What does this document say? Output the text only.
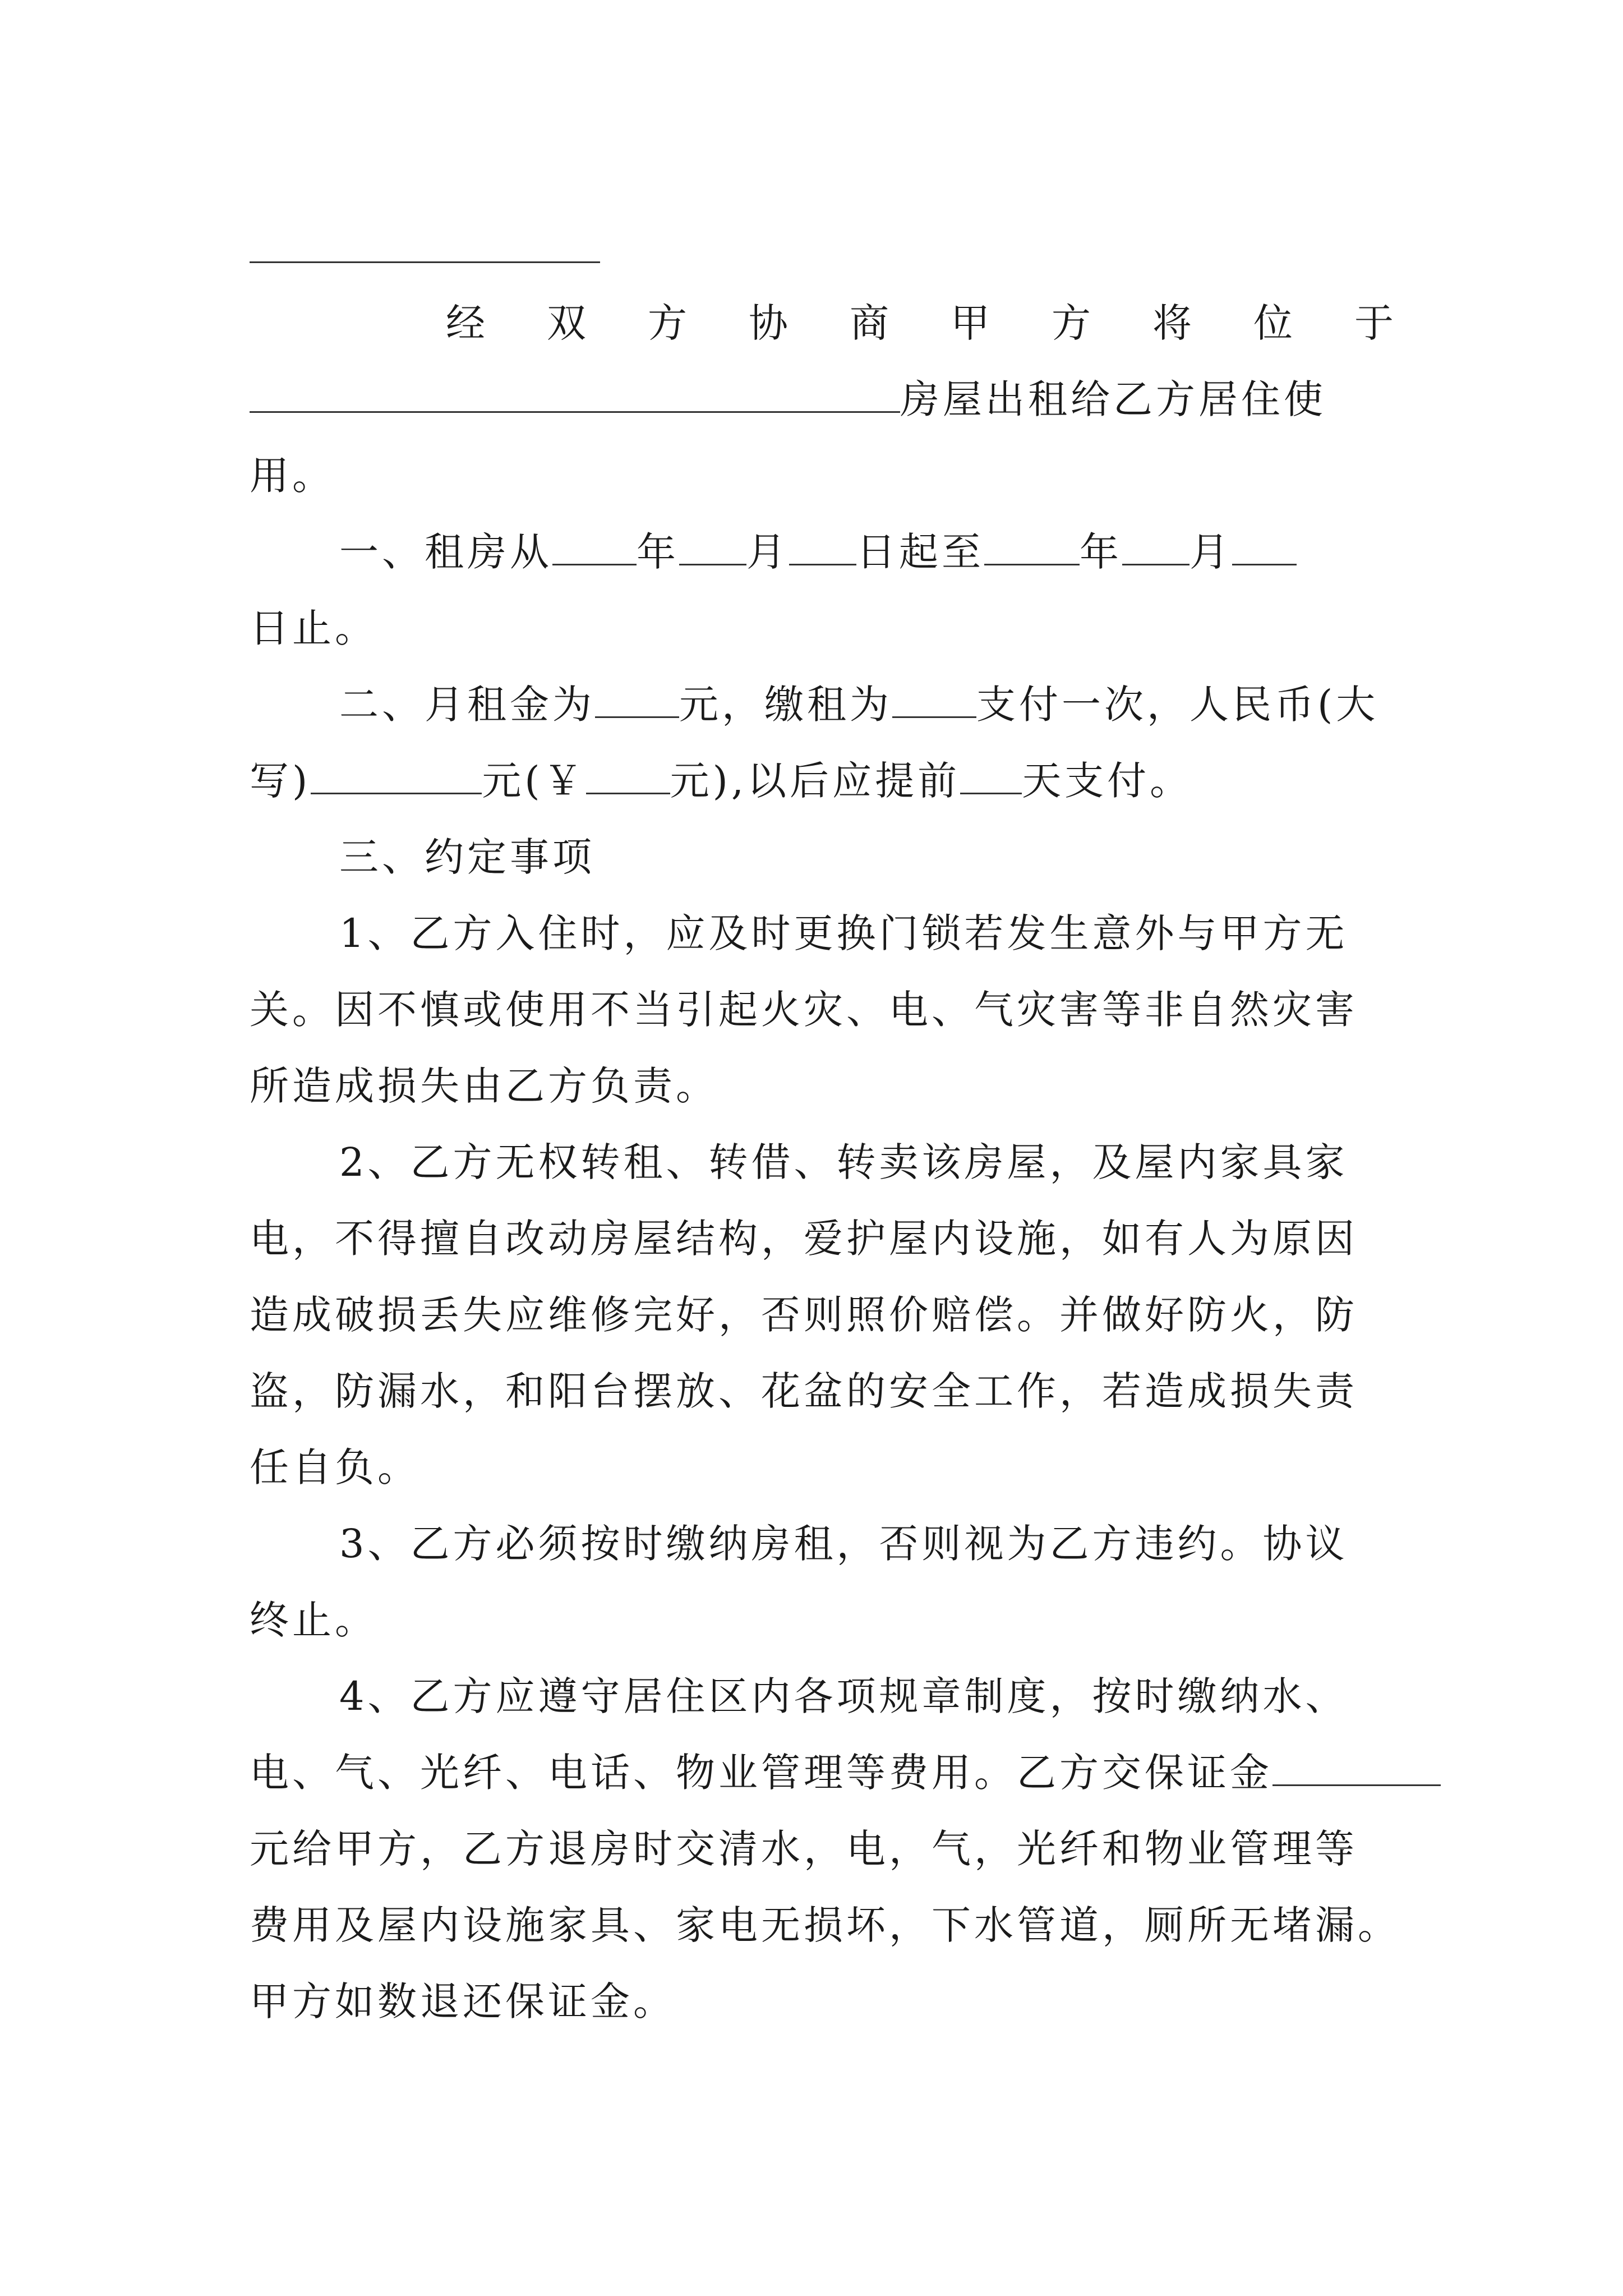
经 双 方 协 商 甲 方 将 位 于
房屋出租给乙方居住使
用。
一、租房从 年 月 日起至 年 月
日止。
二、月租金为 元，缴租为 支付一次，人民币(大
写)	元(￥ 元),以后应提前 天支付。
三、约定事项
1、乙方入住时，应及时更换门锁若发生意外与甲方无
关。因不慎或使用不当引起火灾、电、气灾害等非自然灾害
所造成损失由乙方负责。
2、乙方无权转租、转借、转卖该房屋，及屋内家具家
电，不得擅自改动房屋结构，爱护屋内设施，如有人为原因
造成破损丢失应维修完好，否则照价赔偿。并做好防火，防
盗，防漏水，和阳台摆放、花盆的安全工作，若造成损失责
任自负。
3、乙方必须按时缴纳房租，否则视为乙方违约。协议
终止。
4、乙方应遵守居住区内各项规章制度，按时缴纳水、
电、气、光纤、电话、物业管理等费用。乙方交保证金
元给甲方，乙方退房时交清水，电，气，光纤和物业管理等
费用及屋内设施家具、家电无损坏，下水管道，厕所无堵漏。
甲方如数退还保证金。
